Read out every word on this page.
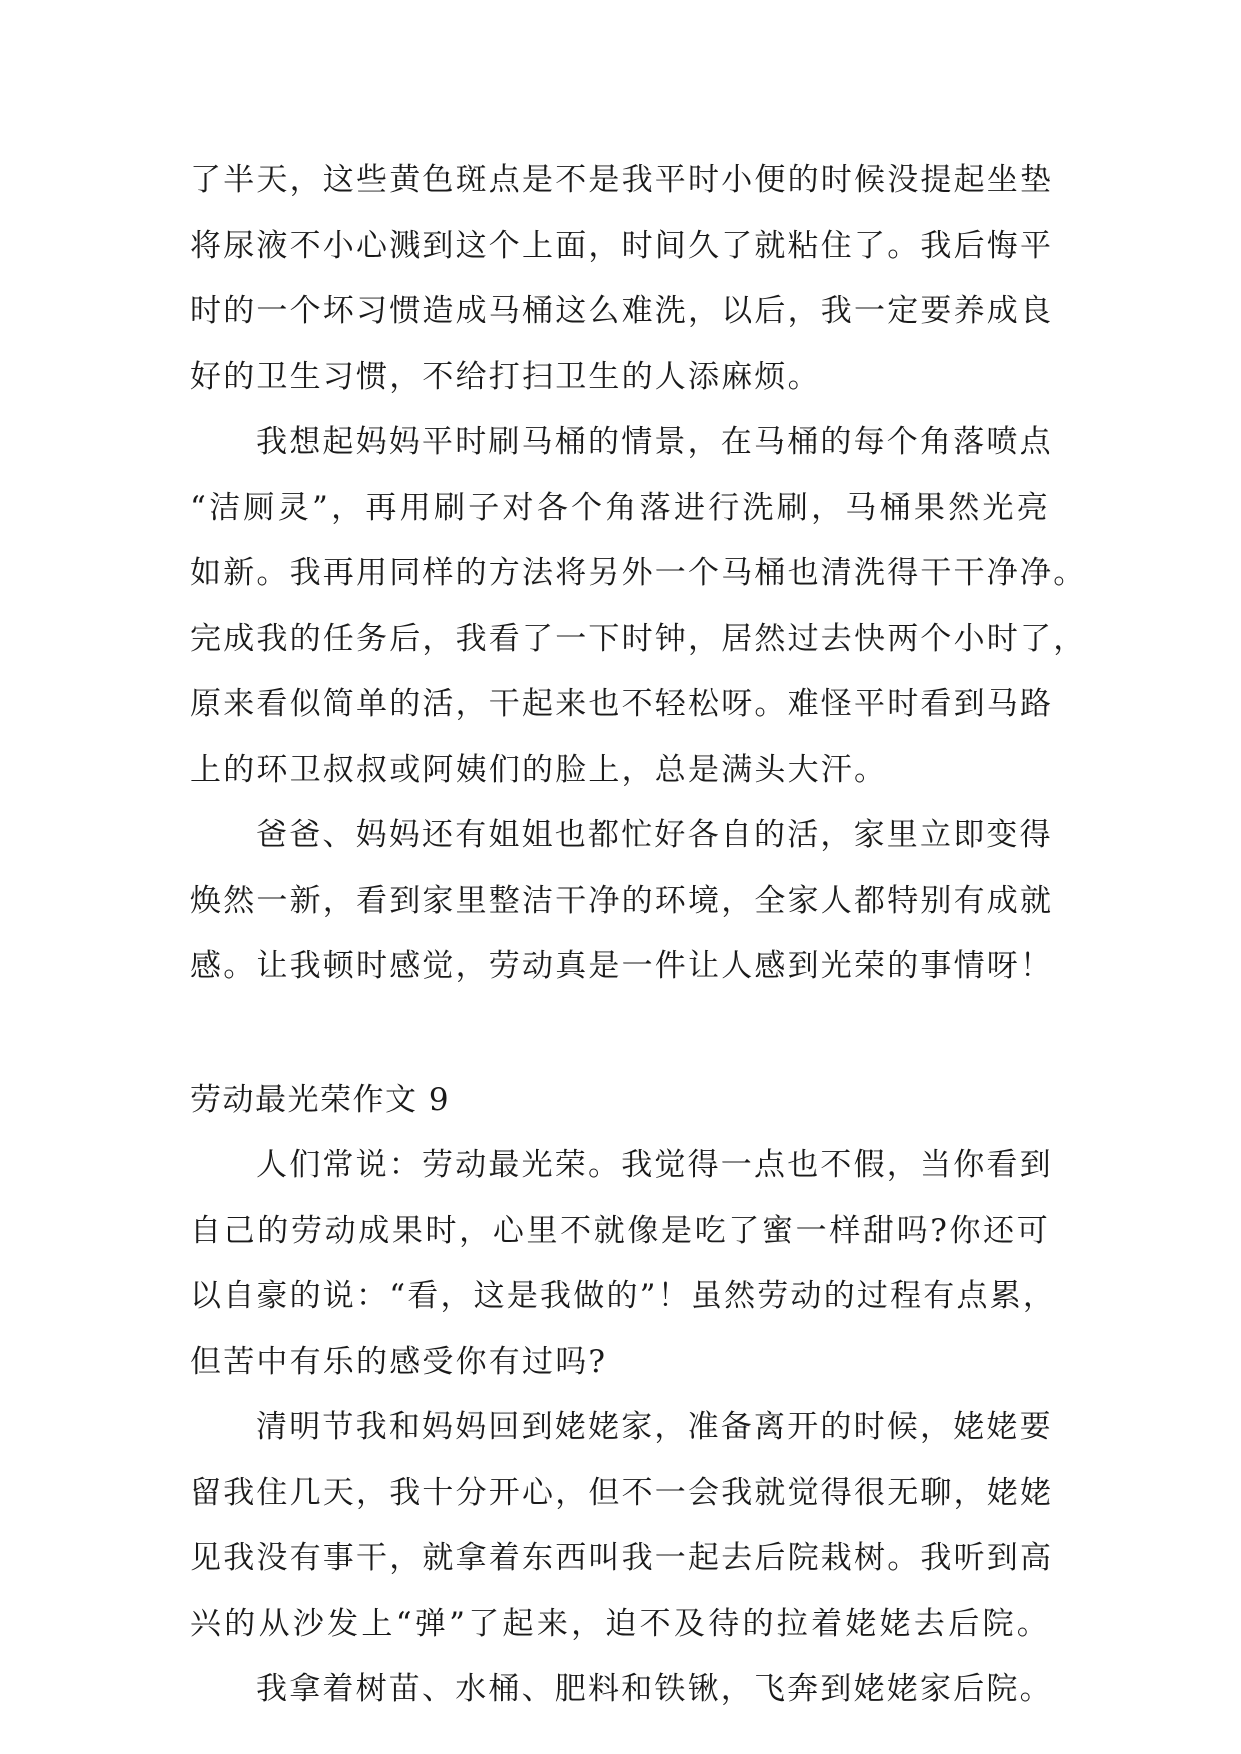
了半天，这些黄色斑点是不是我平时小便的时候没提起坐垫
将尿液不小心溅到这个上面，时间久了就粘住了。我后悔平
时的一个坏习惯造成马桶这么难洗，以后，我一定要养成良
好的卫生习惯，不给打扫卫生的人添麻烦。
我想起妈妈平时刷马桶的情景，在马桶的每个角落喷点
“洁厕灵”，再用刷子对各个角落进行洗刷，马桶果然光亮
如新。我再用同样的方法将另外一个马桶也清洗得干干净净。
完成我的任务后，我看了一下时钟，居然过去快两个小时了，
原来看似简单的活，干起来也不轻松呀。难怪平时看到马路
上的环卫叔叔或阿姨们的脸上，总是满头大汗。
爸爸、妈妈还有姐姐也都忙好各自的活，家里立即变得
焕然一新，看到家里整洁干净的环境，全家人都特别有成就
感。让我顿时感觉，劳动真是一件让人感到光荣的事情呀！
劳动最光荣作文 9
人们常说：劳动最光荣。我觉得一点也不假，当你看到
自己的劳动成果时，心里不就像是吃了蜜一样甜吗?你还可
以自豪的说：“看，这是我做的”！虽然劳动的过程有点累，
但苦中有乐的感受你有过吗?
清明节我和妈妈回到姥姥家，准备离开的时候，姥姥要
留我住几天，我十分开心，但不一会我就觉得很无聊，姥姥
见我没有事干，就拿着东西叫我一起去后院栽树。我听到高
兴的从沙发上“弹”了起来，迫不及待的拉着姥姥去后院。
我拿着树苗、水桶、肥料和铁锹，飞奔到姥姥家后院。
